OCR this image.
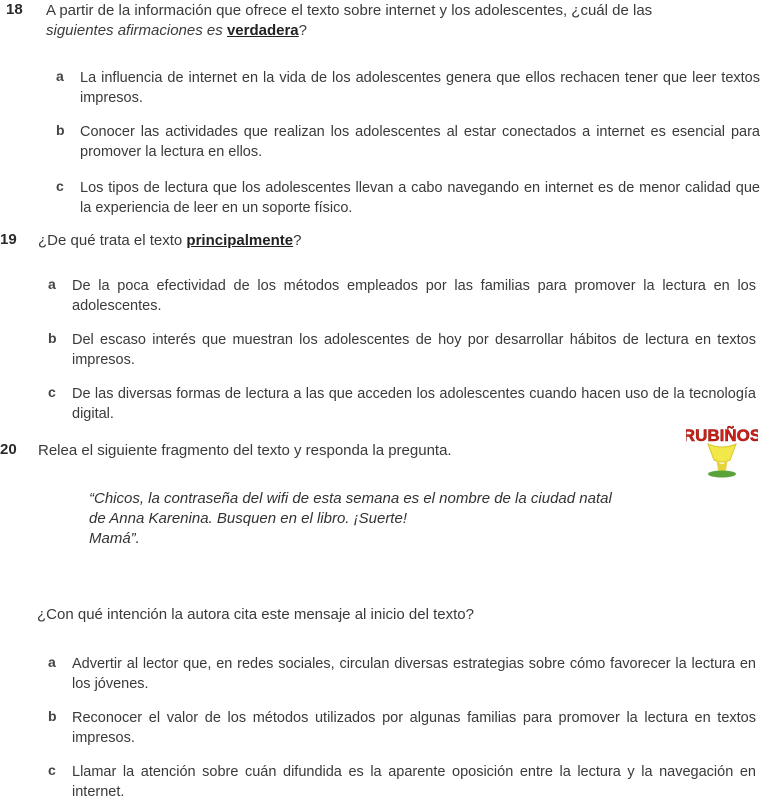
18 A partir de la información que ofrece el texto sobre internet y los adolescentes, ¿cuál de las
siguientes afirmaciones es verdadera?
a La influencia de internet en la vida de los adolescentes genera que ellos rechacen tener que leer textos impresos.
b Conocer las actividades que realizan los adolescentes al estar conectados a internet es esencial para promover la lectura en ellos.
c Los tipos de lectura que los adolescentes llevan a cabo navegando en internet es de menor calidad que la experiencia de leer en un soporte físico.
19 ¿De qué trata el texto principalmente?
a De la poca efectividad de los métodos empleados por las familias para promover la lectura en los adolescentes.
b Del escaso interés que muestran los adolescentes de hoy por desarrollar hábitos de lectura en textos impresos.
c De las diversas formas de lectura a las que acceden los adolescentes cuando hacen uso de la tecnología digital.
20 Relea el siguiente fragmento del texto y responda la pregunta.
RUBIÑOS
“Chicos, la contraseña del wifi de esta semana es el nombre de la ciudad natal
de Anna Karenina. Busquen en el libro. ¡Suerte!
Mamá”.
¿Con qué intención la autora cita este mensaje al inicio del texto?
a Advertir al lector que, en redes sociales, circulan diversas estrategias sobre cómo favorecer la lectura en los jóvenes.
b Reconocer el valor de los métodos utilizados por algunas familias para promover la lectura en textos impresos.
c Llamar la atención sobre cuán difundida es la aparente oposición entre la lectura y la navegación en internet.
